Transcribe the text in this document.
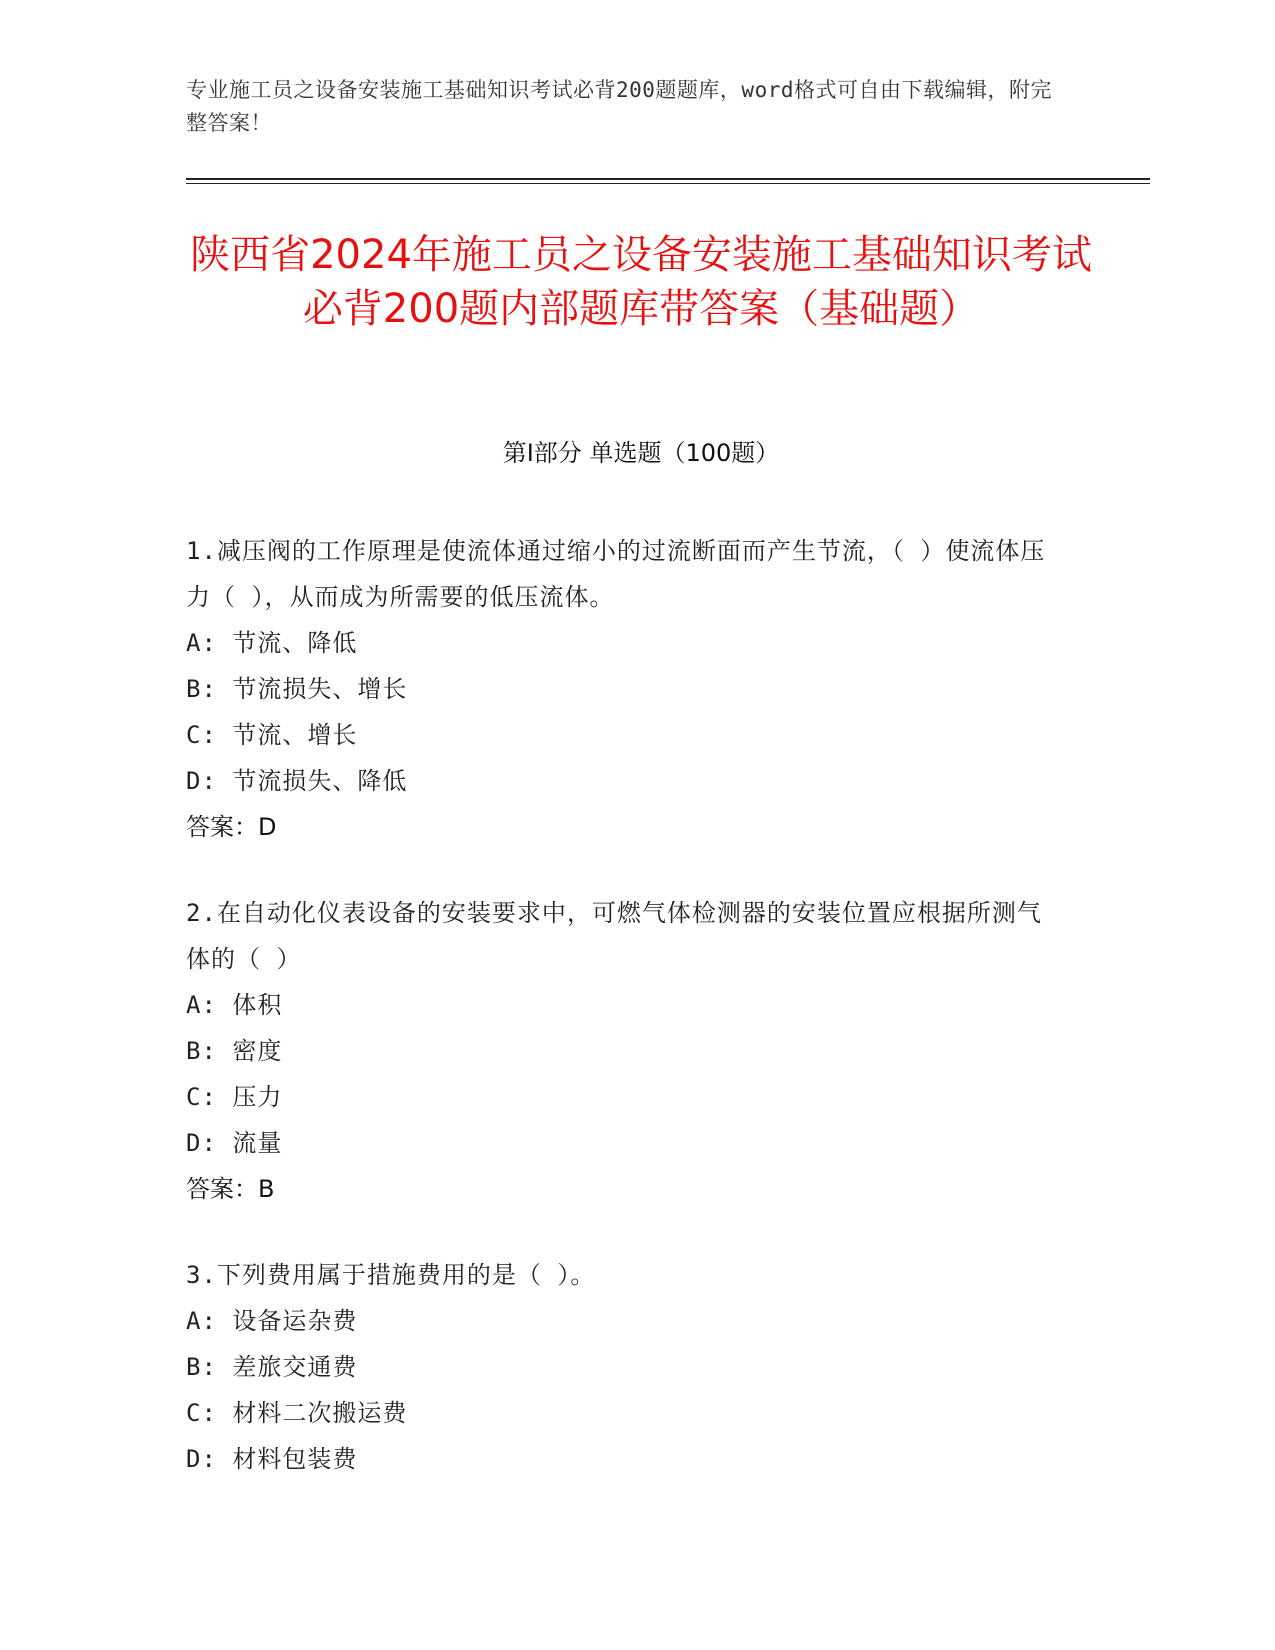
专业施工员之设备安装施工基础知识考试必背200题题库，word格式可自由下载编辑，附完整答案！
陕西省2024年施工员之设备安装施工基础知识考试必背200题内部题库带答案（基础题）
第I部分 单选题（100题）
1.减压阀的工作原理是使流体通过缩小的过流断面而产生节流，（ ）使流体压力（ ），从而成为所需要的低压流体。
A: 节流、降低
B: 节流损失、增长
C: 节流、增长
D: 节流损失、降低
答案：D
2.在自动化仪表设备的安装要求中，可燃气体检测器的安装位置应根据所测气体的（ ）
A: 体积
B: 密度
C: 压力
D: 流量
答案：B
3.下列费用属于措施费用的是（ ）。
A: 设备运杂费
B: 差旅交通费
C: 材料二次搬运费
D: 材料包装费
